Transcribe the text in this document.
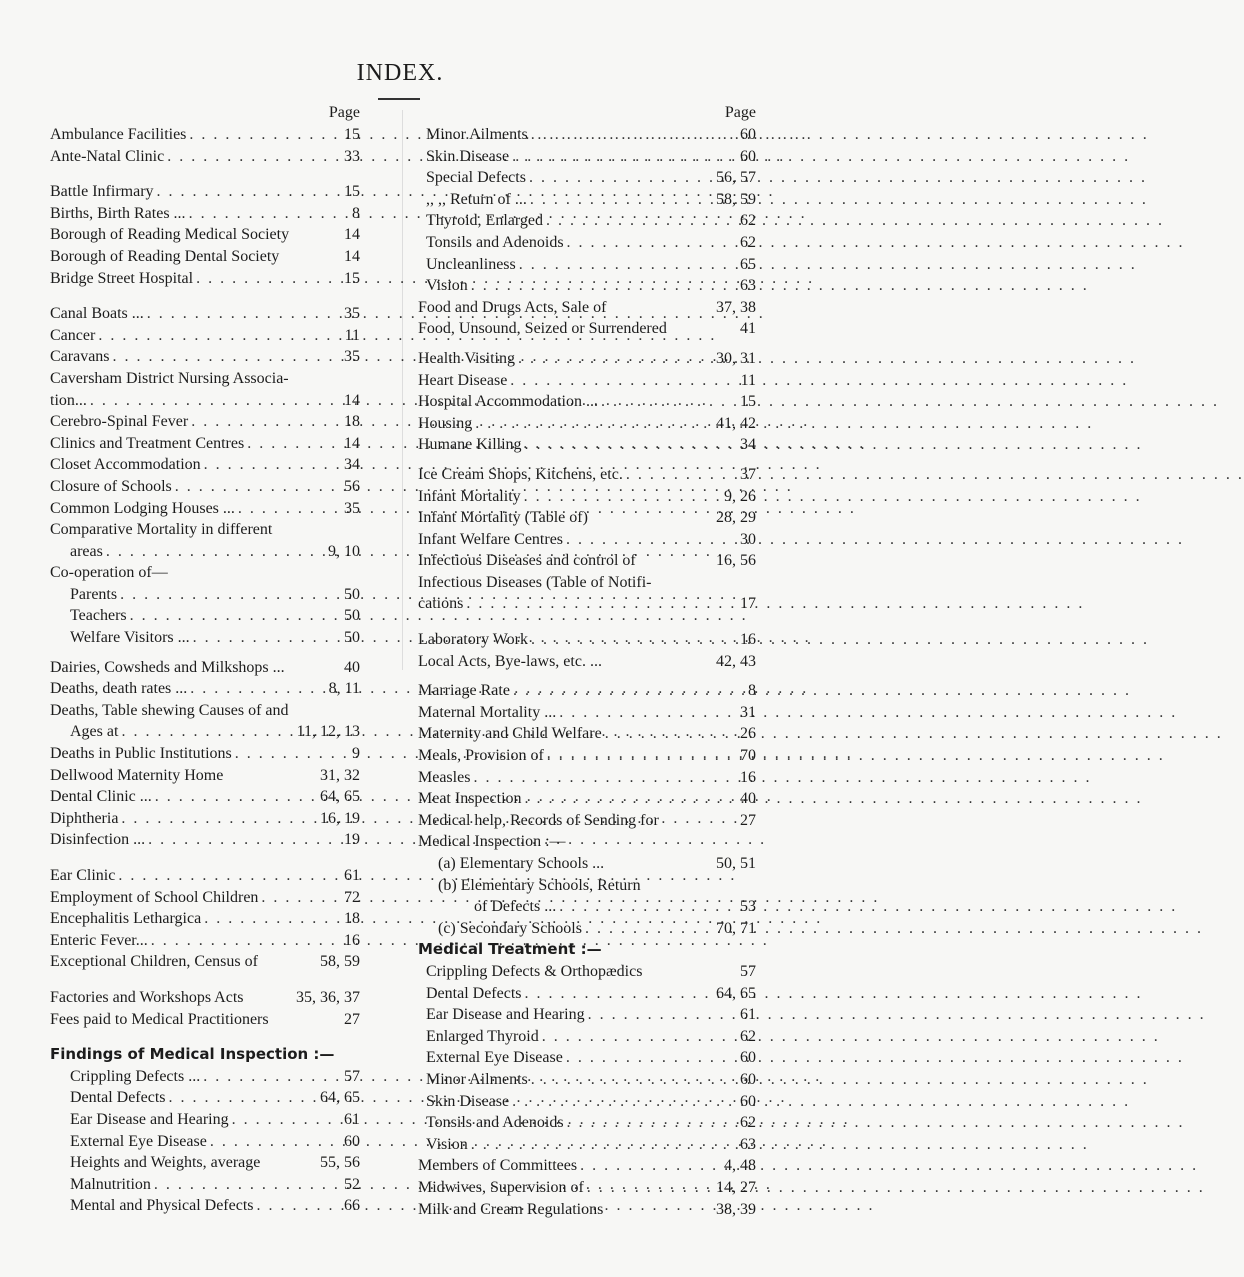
INDEX.
Page
Ambulance Facilities . . .	15
Ante-Natal Clinic . . .	33
Battle Infirmary . . .	15
Births, Birth Rates ... . . .	8
Borough of Reading Medical Society	14
Borough of Reading Dental Society	14
Bridge Street Hospital . . .	15
Canal Boats ... . . .	35
Cancer . . .	11
Caravans . . .	35
Caversham District Nursing Associa-
tion... . . .	14
Cerebro-Spinal Fever . . .	18
Clinics and Treatment Centres . . .	14
Closet Accommodation . . .	34
Closure of Schools . . .	56
Common Lodging Houses ... . . .	35
Comparative Mortality in different
areas . . .	9, 10
Co-operation of—
Parents . . .	50
Teachers . . .	50
Welfare Visitors ... . . .	50
Dairies, Cowsheds and Milkshops ...	40
Deaths, death rates ... . . .	8, 11
Deaths, Table shewing Causes of and
Ages at . . .	11, 12, 13
Deaths in Public Institutions . . .	9
Dellwood Maternity Home	31, 32
Dental Clinic ... . . .	64, 65
Diphtheria . . .	16, 19
Disinfection ... . . .	19
Ear Clinic . . .	61
Employment of School Children . . .	72
Encephalitis Lethargica . . .	18
Enteric Fever... . . .	16
Exceptional Children, Census of	58, 59
Factories and Workshops Acts	35, 36, 37
Fees paid to Medical Practitioners	27
Findings of Medical Inspection :—
Crippling Defects ... . . .	57
Dental Defects . . .	64, 65
Ear Disease and Hearing . . .	61
External Eye Disease . . .	60
Heights and Weights, average	55, 56
Malnutrition . . .	52
Mental and Physical Defects . . .	66
Page
Minor Ailments . . .	60
Skin Disease . . .	60
Special Defects . . .	56, 57
,, ,, Return of ... . . .	58, 59
Thyroid, Enlarged . . .	62
Tonsils and Adenoids . . .	62
Uncleanliness . . .	65
Vision . . .	63
Food and Drugs Acts, Sale of	37, 38
Food, Unsound, Seized or Surrendered	41
Health Visiting . . .	30, 31
Heart Disease . . .	11
Hospital Accommodation ... . . .	15
Housing . . .	41, 42
Humane Killing . . .	34
Ice Cream Shops, Kitchens, etc. . . .	37
Infant Mortality . . .	9, 26
Infant Mortality (Table of)	28, 29
Infant Welfare Centres . . .	30
Infectious Diseases and control of	16, 56
Infectious Diseases (Table of Notifi-
cations . . .	17
Laboratory Work . . .	16
Local Acts, Bye-laws, etc. ...	42, 43
Marriage Rate . . .	8
Maternal Mortality ... . . .	31
Maternity and Child Welfare . . .	26
Meals, Provision of . . .	70
Measles . . .	16
Meat Inspection . . .	40
Medical help, Records of Sending for	27
Medical Inspection :—
(a) Elementary Schools ...	50, 51
(b) Elementary Schools, Return
of Defects ... . . .	53
(c) Secondary Schools . . .	70, 71
Medical Treatment :—
Crippling Defects & Orthopædics	57
Dental Defects . . .	64, 65
Ear Disease and Hearing . . .	61
Enlarged Thyroid . . .	62
External Eye Disease . . .	60
Minor Ailments . . .	60
Skin Disease . . .	60
Tonsils and Adenoids . . .	62
Vision . . .	63
Members of Committees . . .	4, 48
Midwives, Supervision of . . .	14, 27
Milk and Cream Regulations	38, 39
